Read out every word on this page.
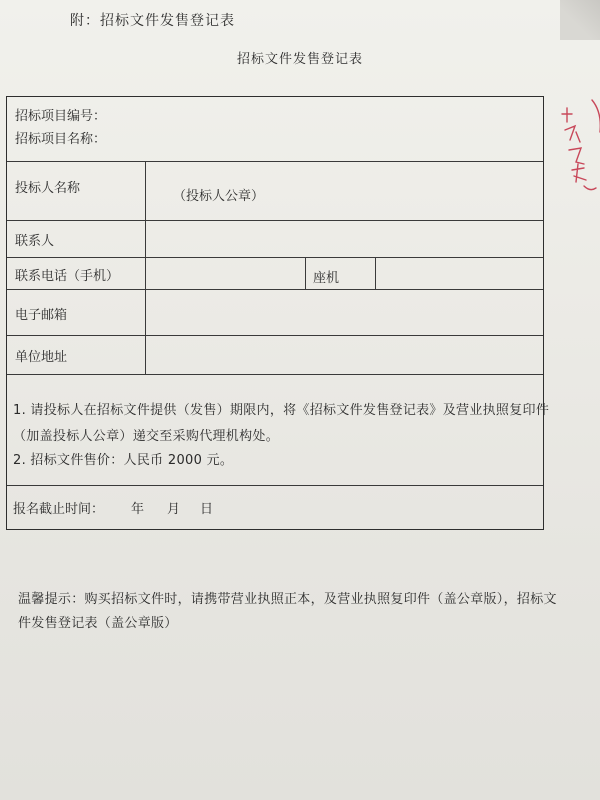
附：招标文件发售登记表
招标文件发售登记表
招标项目编号：
招标项目名称：
投标人名称
（投标人公章）
联系人
联系电话（手机）	座机
电子邮箱
单位地址
1. 请投标人在招标文件提供（发售）期限内，将《招标文件发售登记表》及营业执照复印件
（加盖投标人公章）递交至采购代理机构处。
2. 招标文件售价：人民币 2000 元。
报名截止时间： 年 月 日
温馨提示：购买招标文件时，请携带营业执照正本，及营业执照复印件（盖公章版），招标文
件发售登记表（盖公章版）
